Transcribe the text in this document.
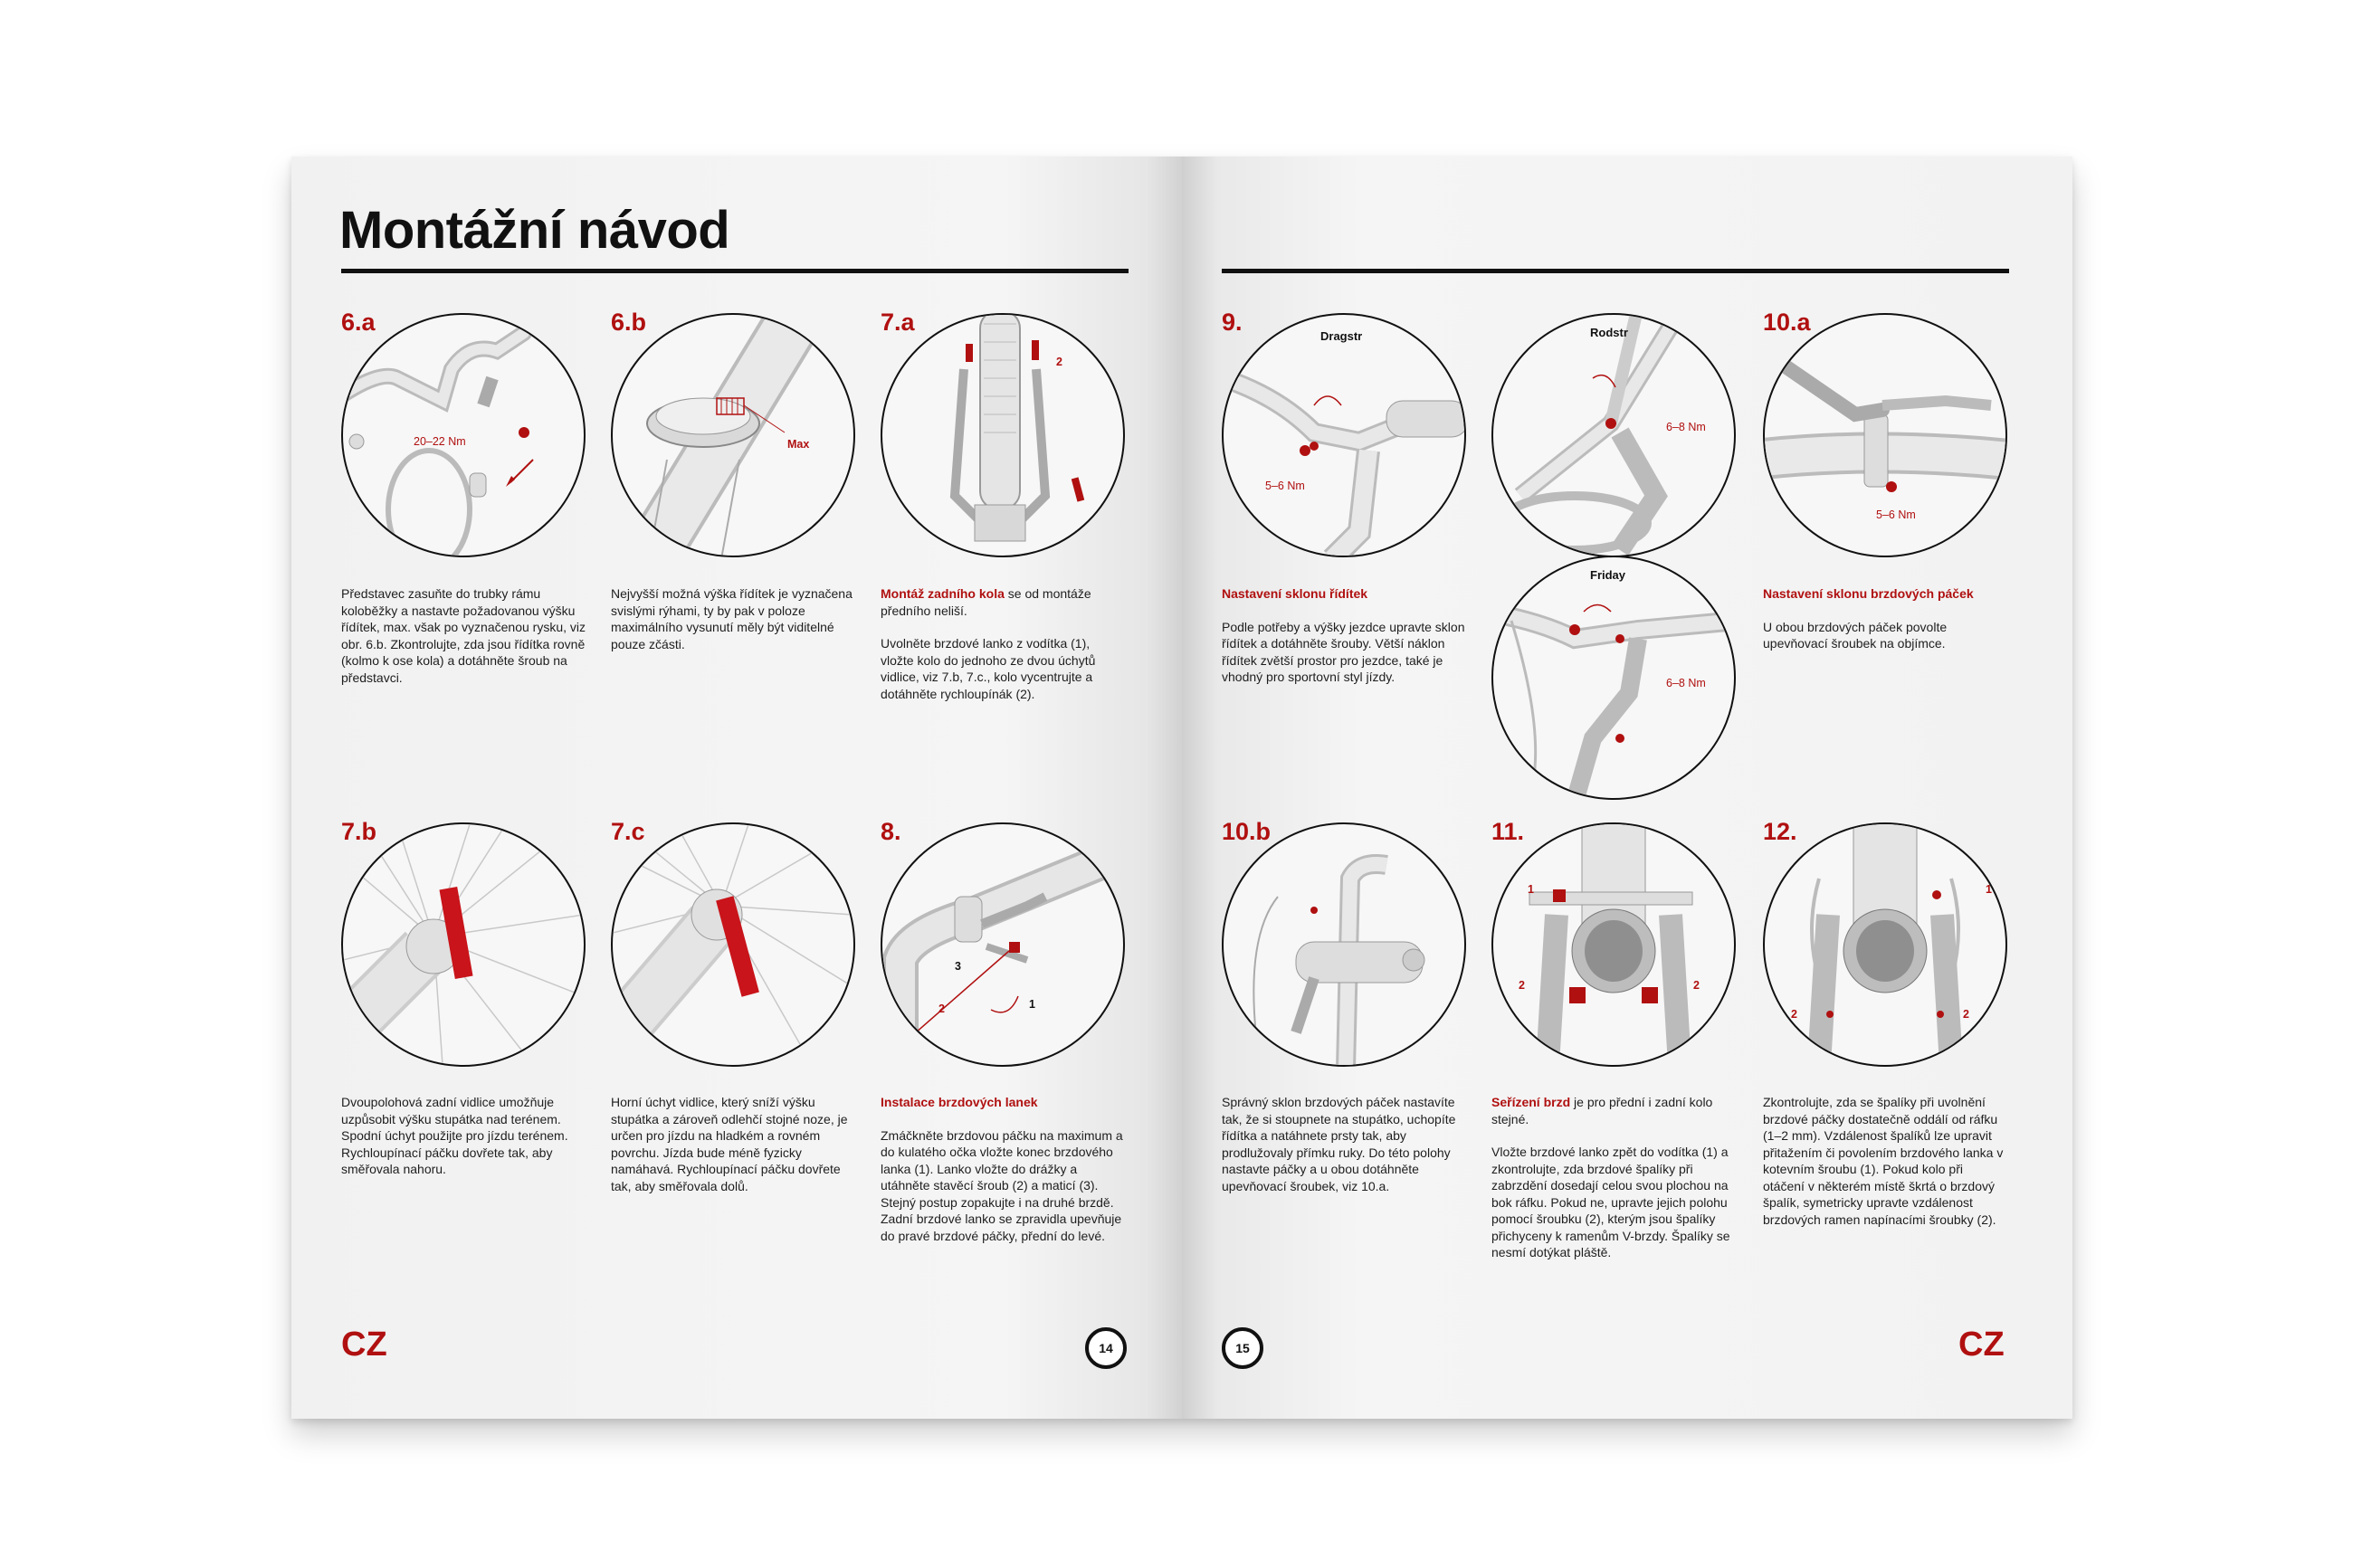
Montážní návod
6.a
20–22 Nm

Představec zasuňte do trubky rámu koloběžky a nastavte požadovanou výšku řídítek, max. však po vyznačenou rysku, viz obr. 6.b. Zkontrolujte, zda jsou řídítka rovně (kolmo k ose kola) a dotáhněte šroub na představci.

6.b
Max

Nejvyšší možná výška řídítek je vyznačena svislými rýhami, ty by pak v poloze maximálního vysunutí měly být viditelné pouze zčásti.

7.a
2
1

Montáž zadního kola se od montáže předního neliší.

Uvolněte brzdové lanko z vodítka (1), vložte kolo do jednoho ze dvou úchytů vidlice, viz 7.b, 7.c., kolo vycentrujte a dotáhněte rychloupínák (2).

7.b

Dvoupolohová zadní vidlice umožňuje uzpůsobit výšku stupátka nad terénem. Spodní úchyt použijte pro jízdu terénem. Rychloupínací páčku dovřete tak, aby směřovala nahoru.

7.c

Horní úchyt vidlice, který sníží výšku stupátka a zároveň odlehčí stojné noze, je určen pro jízdu na hladkém a rovném povrchu. Jízda bude méně fyzicky namáhavá. Rychloupínací páčku dovřete tak, aby směřovala dolů.

8.
3
2	1

Instalace brzdových lanek

Zmáčkněte brzdovou páčku na maximum a do kulatého očka vložte konec brzdového lanka (1). Lanko vložte do drážky a utáhněte stavěcí šroub (2) a maticí (3). Stejný postup zopakujte i na druhé brzdě. Zadní brzdové lanko se zpravidla upevňuje do pravé brzdové páčky, přední do levé.

CZ	14
9.
Dragstr
5–6 Nm
Rodstr
6–8 Nm
Friday
6–8 Nm

Nastavení sklonu řídítek

Podle potřeby a výšky jezdce upravte sklon řídítek a dotáhněte šrouby. Větší náklon řídítek zvětší prostor pro jezdce, také je vhodný pro sportovní styl jízdy.

10.a
5–6 Nm

Nastavení sklonu brzdových páček

U obou brzdových páček povolte upevňovací šroubek na objímce.

10.b

Správný sklon brzdových páček nastavíte tak, že si stoupnete na stupátko, uchopíte řídítka a natáhnete prsty tak, aby prodlužovaly přímku ruky. Do této polohy nastavte páčky a u obou dotáhněte upevňovací šroubek, viz 10.a.

11.
1
2	2

Seřízení brzd je pro přední i zadní kolo stejné.

Vložte brzdové lanko zpět do vodítka (1) a zkontrolujte, zda brzdové špalíky při zabrzdění dosedají celou svou plochou na bok ráfku. Pokud ne, upravte jejich polohu pomocí šroubku (2), kterým jsou špalíky přichyceny k ramenům V-brzdy. Špalíky se nesmí dotýkat pláště.

12.
1
2	2

Zkontrolujte, zda se špalíky při uvolnění brzdové páčky dostatečně oddálí od ráfku (1–2 mm). Vzdálenost špalíků lze upravit přitažením či povolením brzdového lanka v kotevním šroubu (1). Pokud kolo při otáčení v některém místě škrtá o brzdový špalík, symetricky upravte vzdálenost brzdových ramen napínacími šroubky (2).

15	CZ
